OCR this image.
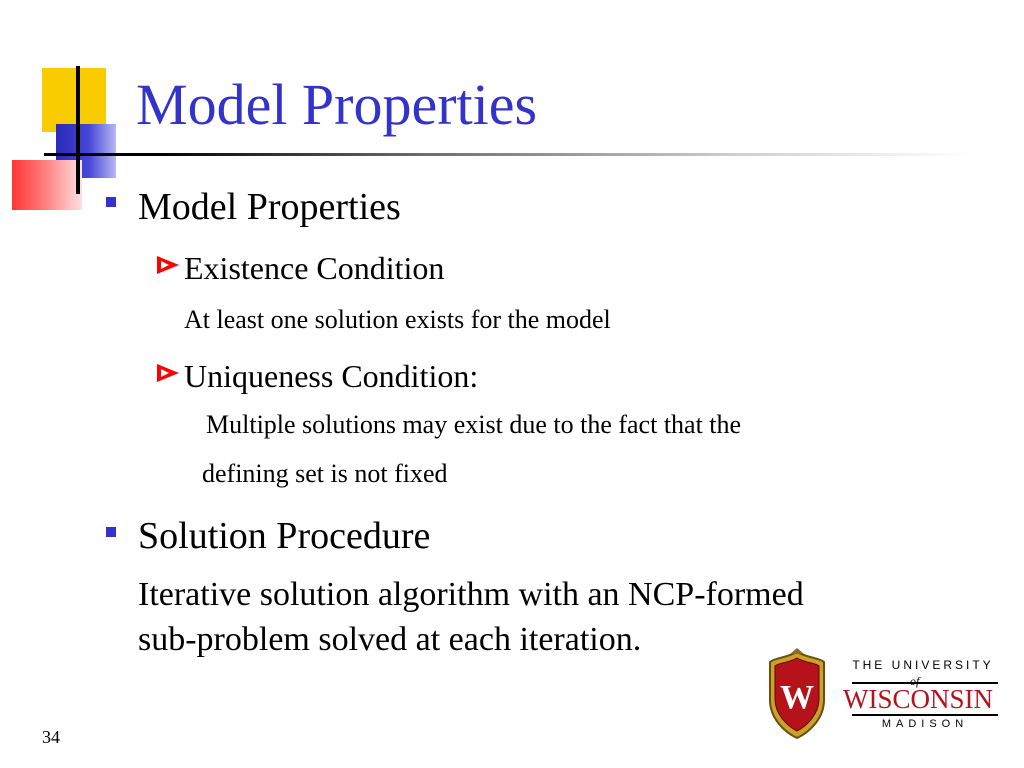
Model Properties
Model Properties
Existence Condition
At least one solution exists for the model
Uniqueness Condition:
Multiple solutions may exist due to the fact that the
defining set is not fixed
Solution Procedure
Iterative solution algorithm with an NCP-formed
sub-problem solved at each iteration.
34
W
THE UNIVERSITY
of
WISCONSIN
MADISON
